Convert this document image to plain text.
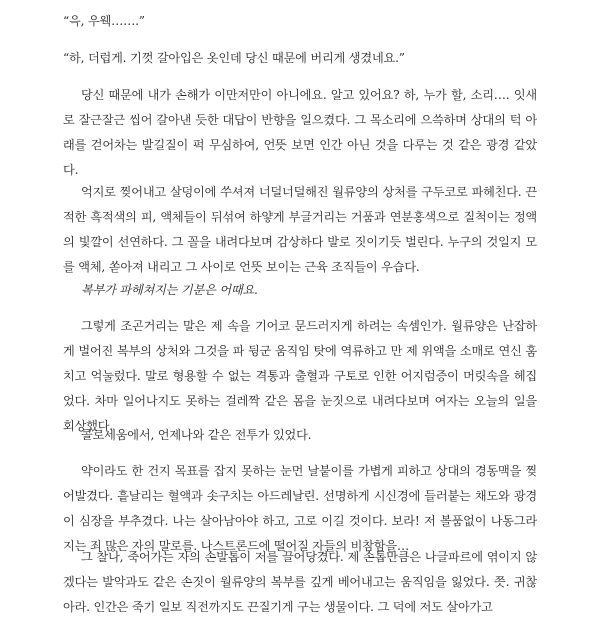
“윽, 우웩…….”

“하, 더럽게. 기껏 갈아입은 옷인데 당신 때문에 버리게 생겼네요.”

당신 때문에 내가 손해가 이만저만이 아니에요. 알고 있어요? 하, 누가 할, 소리…. 잇새로 잘근잘근 씹어 갈아낸 듯한 대답이 반향을 일으켰다. 그 목소리에 으쓱하며 상대의 턱 아래를 걷어차는 발길질이 퍽 무심하여, 언뜻 보면 인간 아닌 것을 다루는 것 같은 광경 같았다.

억지로 찢어내고 살덩이에 쑤셔져 너덜너덜해진 월류양의 상처를 구두코로 파헤친다. 끈적한 흑적색의 피, 액체들이 뒤섞여 하얗게 부글거리는 거품과 연분홍색으로 질척이는 정액의 빛깔이 선연하다. 그 꼴을 내려다보며 감상하다 발로 짓이기듯 벌린다. 누구의 것일지 모를 액체, 쏟아져 내리고 그 사이로 언뜻 보이는 근육 조직들이 우습다.

복부가 파헤쳐지는 기분은 어때요.

그렇게 조곤거리는 말은 제 속을 기어코 문드러지게 하려는 속셈인가. 월류양은 난잡하게 벌어진 복부의 상처와 그것을 파 뒹군 움직임 탓에 역류하고 만 제 위액을 소매로 연신 훔치고 억눌렀다. 말로 형용할 수 없는 격통과 출혈과 구토로 인한 어지럼증이 머릿속을 헤집었다. 차마 일어나지도 못하는 걸레짝 같은 몸을 눈짓으로 내려다보며 여자는 오늘의 일을 회상했다.

콜로세움에서, 언제나와 같은 전투가 있었다.

약이라도 한 건지 목표를 잡지 못하는 눈먼 날붙이를 가볍게 피하고 상대의 경동맥을 찢어발겼다. 흩날리는 혈액과 솟구치는 아드레날린. 선명하게 시신경에 들러붙는 채도와 광경이 심장을 부추겼다. 나는 살아남아야 하고, 고로 이길 것이다. 보라! 저 볼품없이 나동그라지는 죄 많은 자의 말로를. 나스트론드에 떨어질 자들의 비참함을…

그 찰나, 죽어가는 자의 손발톱이 저를 끌어당겼다. 제 손톱만큼은 나글파르에 엮이지 않겠다는 발악과도 같은 손짓이 월류양의 복부를 깊게 베어내고는 움직임을 잃었다. 쯧. 귀찮아라. 인간은 죽기 일보 직전까지도 끈질기게 구는 생물이다. 그 덕에 저도 살아가고
